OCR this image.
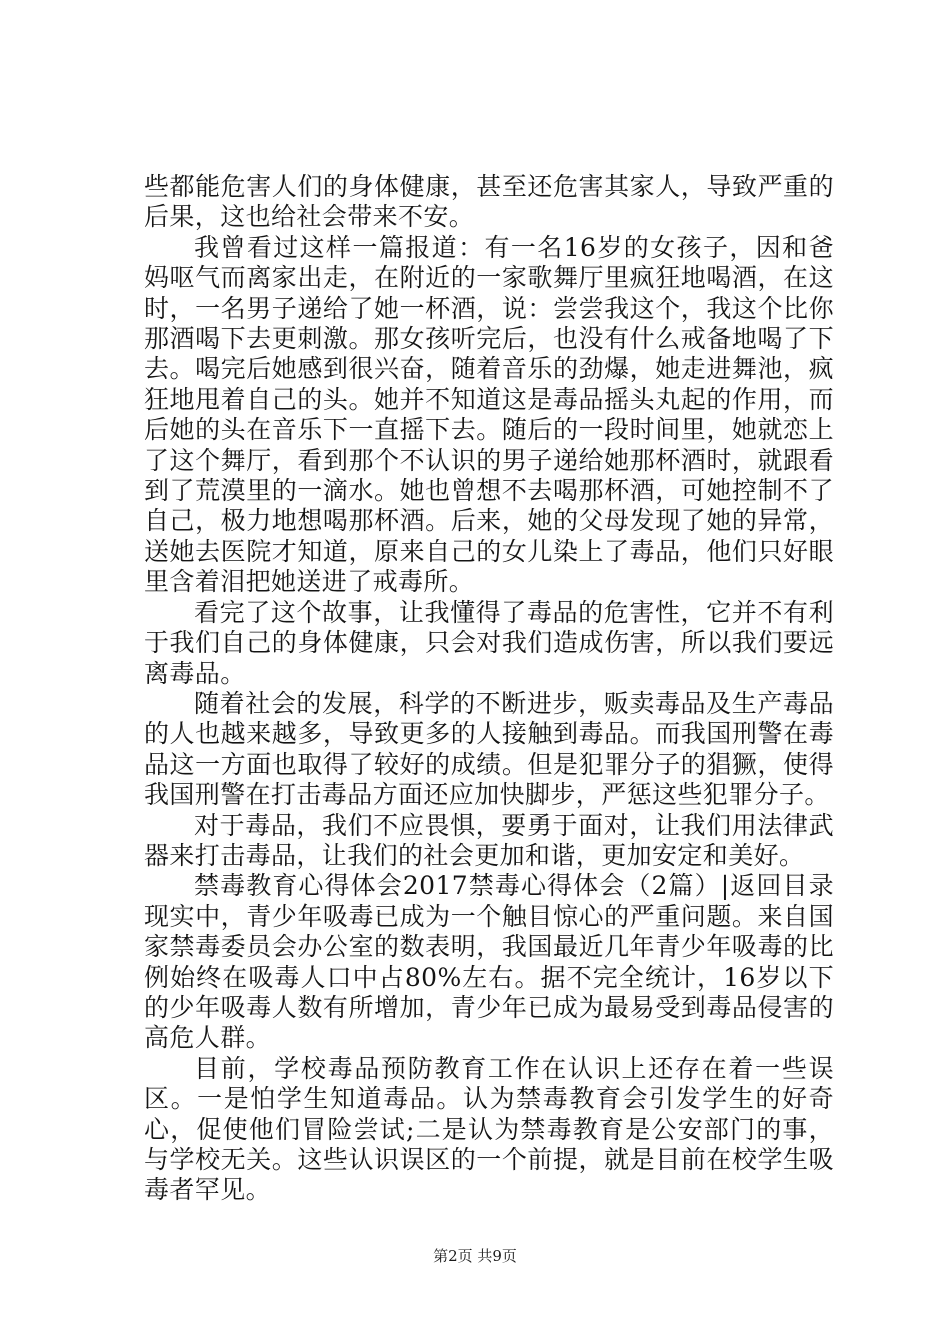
些都能危害人们的身体健康，甚至还危害其家人，导致严重的后果，这也给社会带来不安。

我曾看过这样一篇报道：有一名16岁的女孩子，因和爸妈呕气而离家出走，在附近的一家歌舞厅里疯狂地喝酒，在这时，一名男子递给了她一杯酒，说：尝尝我这个，我这个比你那酒喝下去更刺激。那女孩听完后，也没有什么戒备地喝了下去。喝完后她感到很兴奋，随着音乐的劲爆，她走进舞池，疯狂地甩着自己的头。她并不知道这是毒品摇头丸起的作用，而后她的头在音乐下一直摇下去。随后的一段时间里，她就恋上了这个舞厅，看到那个不认识的男子递给她那杯酒时，就跟看到了荒漠里的一滴水。她也曾想不去喝那杯酒，可她控制不了自己，极力地想喝那杯酒。后来，她的父母发现了她的异常，送她去医院才知道，原来自己的女儿染上了毒品，他们只好眼里含着泪把她送进了戒毒所。

看完了这个故事，让我懂得了毒品的危害性，它并不有利于我们自己的身体健康，只会对我们造成伤害，所以我们要远离毒品。

随着社会的发展，科学的不断进步，贩卖毒品及生产毒品的人也越来越多，导致更多的人接触到毒品。而我国刑警在毒品这一方面也取得了较好的成绩。但是犯罪分子的猖獗，使得我国刑警在打击毒品方面还应加快脚步，严惩这些犯罪分子。

对于毒品，我们不应畏惧，要勇于面对，让我们用法律武器来打击毒品，让我们的社会更加和谐，更加安定和美好。

禁毒教育心得体会2017禁毒心得体会（2篇）|返回目录现实中，青少年吸毒已成为一个触目惊心的严重问题。来自国家禁毒委员会办公室的数表明，我国最近几年青少年吸毒的比例始终在吸毒人口中占80%左右。据不完全统计，16岁以下的少年吸毒人数有所增加，青少年已成为最易受到毒品侵害的高危人群。

目前，学校毒品预防教育工作在认识上还存在着一些误区。一是怕学生知道毒品。认为禁毒教育会引发学生的好奇心，促使他们冒险尝试;二是认为禁毒教育是公安部门的事，与学校无关。这些认识误区的一个前提，就是目前在校学生吸毒者罕见。

第2页 共9页
